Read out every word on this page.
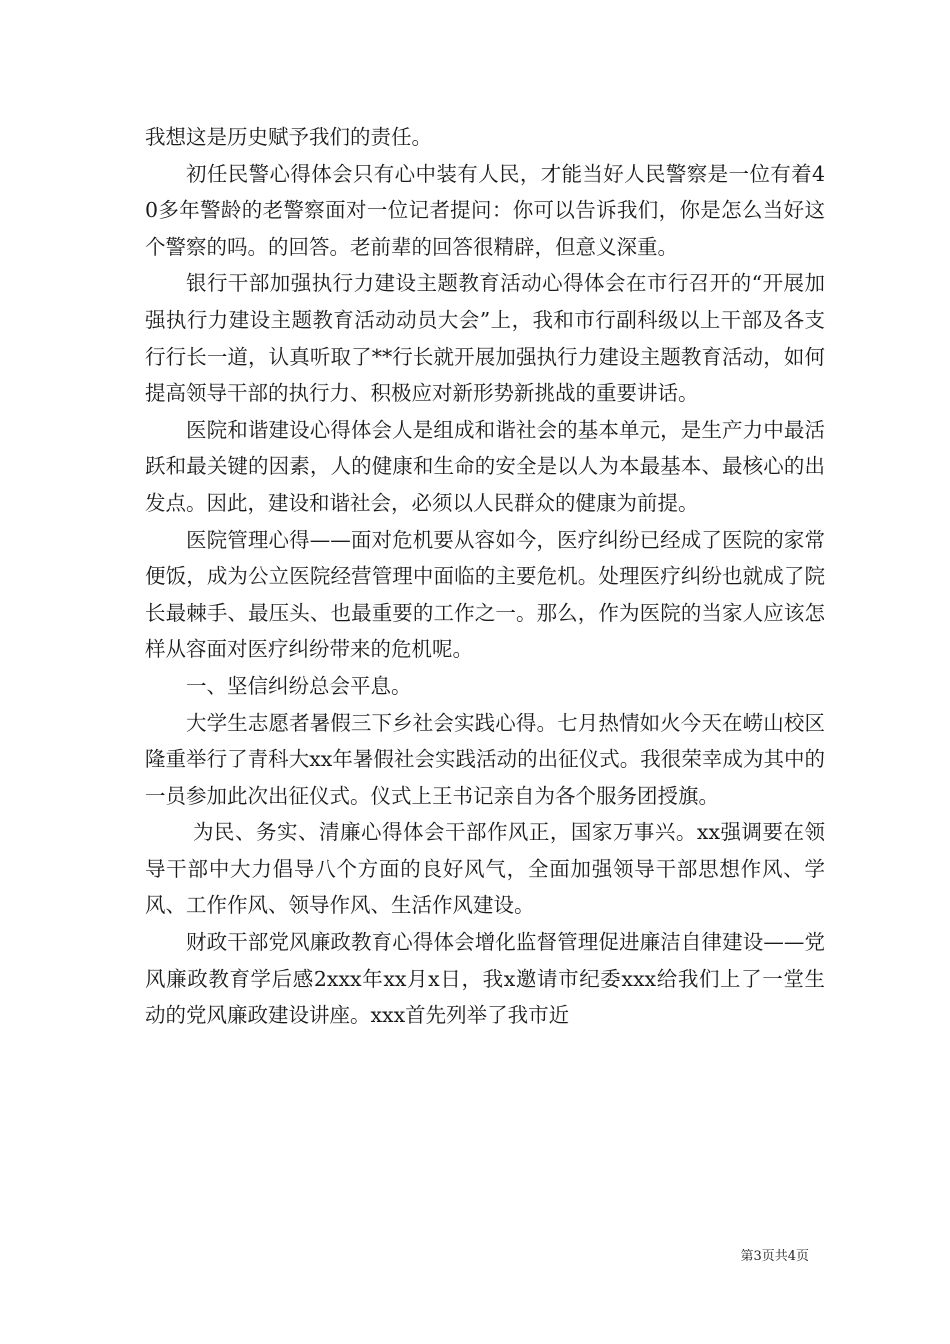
我想这是历史赋予我们的责任。

初任民警心得体会只有心中装有人民，才能当好人民警察是一位有着40多年警龄的老警察面对一位记者提问：你可以告诉我们，你是怎么当好这个警察的吗。的回答。老前辈的回答很精辟，但意义深重。

银行干部加强执行力建设主题教育活动心得体会在市行召开的“开展加强执行力建设主题教育活动动员大会”上，我和市行副科级以上干部及各支行行长一道，认真听取了**行长就开展加强执行力建设主题教育活动，如何提高领导干部的执行力、积极应对新形势新挑战的重要讲话。

医院和谐建设心得体会人是组成和谐社会的基本单元，是生产力中最活跃和最关键的因素，人的健康和生命的安全是以人为本最基本、最核心的出发点。因此，建设和谐社会，必须以人民群众的健康为前提。

医院管理心得——面对危机要从容如今，医疗纠纷已经成了医院的家常便饭，成为公立医院经营管理中面临的主要危机。处理医疗纠纷也就成了院长最棘手、最压头、也最重要的工作之一。那么，作为医院的当家人应该怎样从容面对医疗纠纷带来的危机呢。

一、坚信纠纷总会平息。

大学生志愿者暑假三下乡社会实践心得。七月热情如火今天在崂山校区隆重举行了青科大xx年暑假社会实践活动的出征仪式。我很荣幸成为其中的一员参加此次出征仪式。仪式上王书记亲自为各个服务团授旗。

为民、务实、清廉心得体会干部作风正，国家万事兴。xx强调要在领导干部中大力倡导八个方面的良好风气，全面加强领导干部思想作风、学风、工作作风、领导作风、生活作风建设。

财政干部党风廉政教育心得体会增化监督管理促进廉洁自律建设——党风廉政教育学后感2xxx年xx月x日，我x邀请市纪委xxx给我们上了一堂生动的党风廉政建设讲座。xxx首先列举了我市近

第3页共4页
